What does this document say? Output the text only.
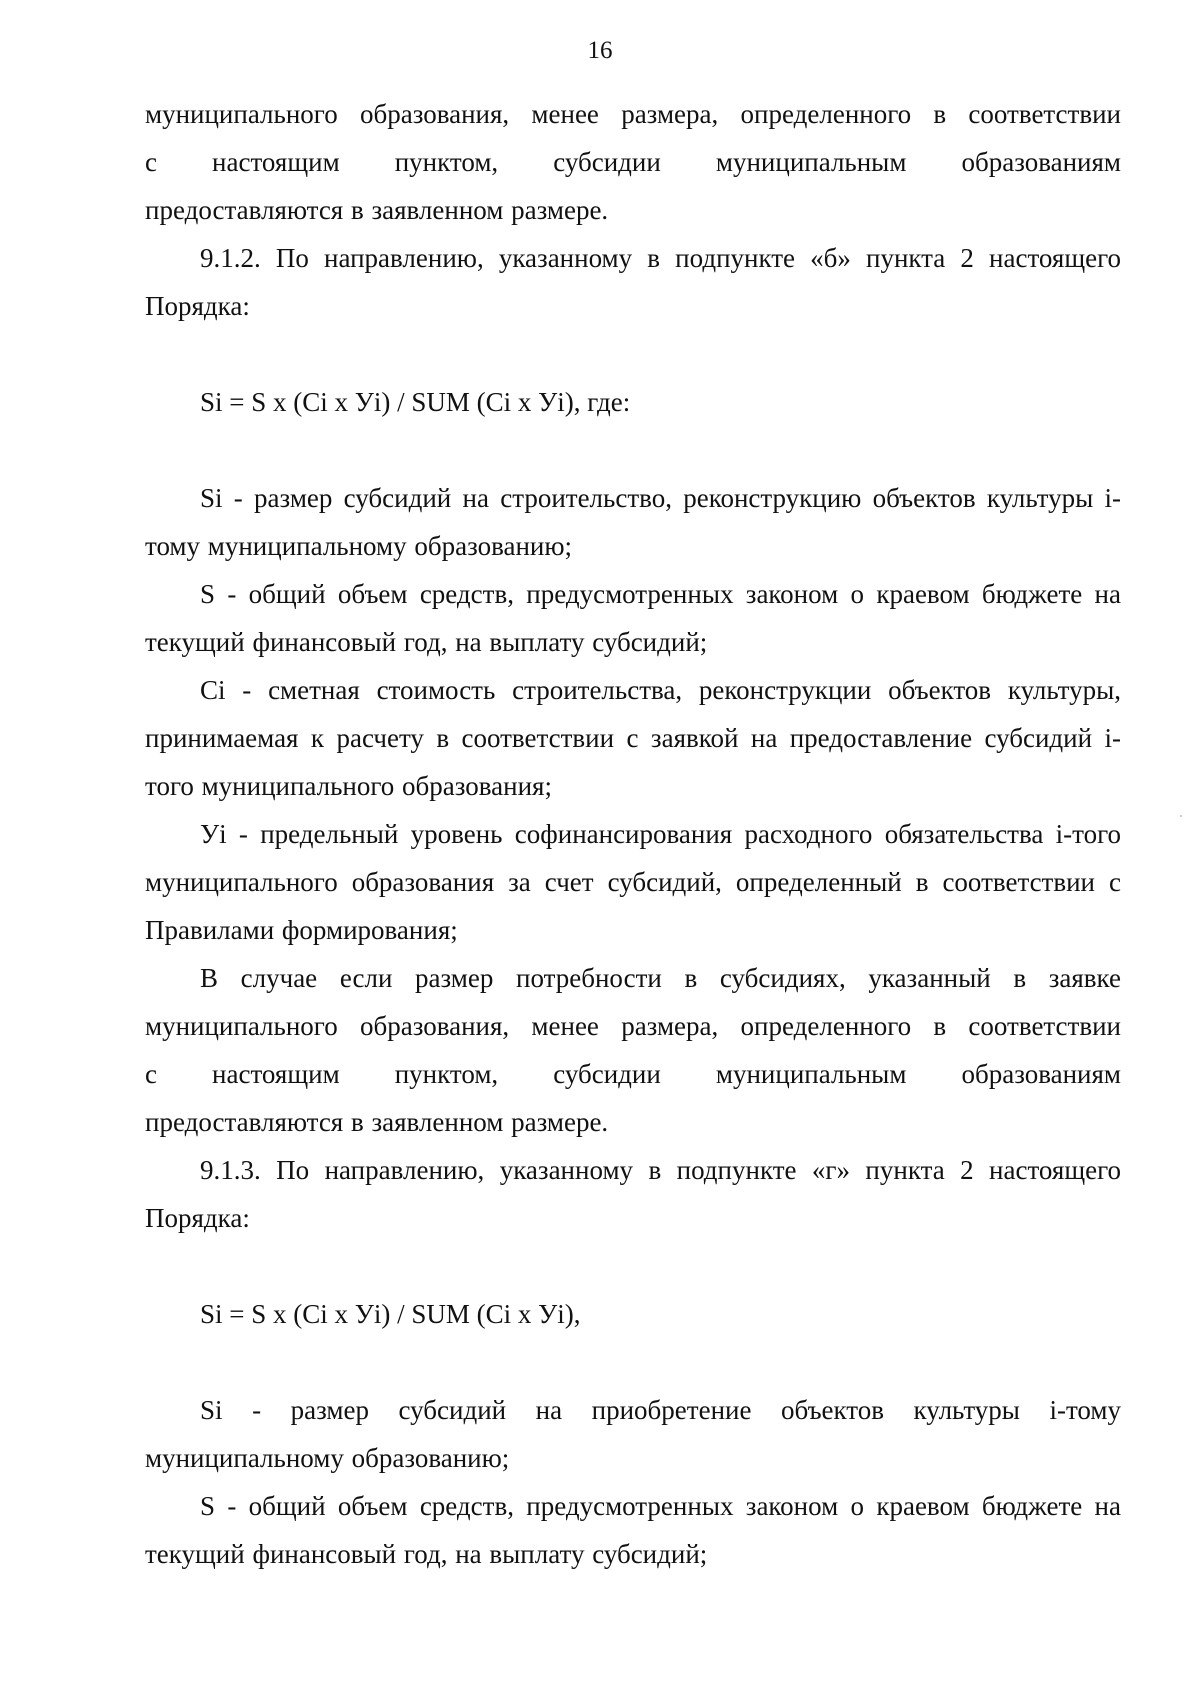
16

муниципального образования, менее размера, определенного в соответствии

с настоящим пунктом, субсидии муниципальным образованиям

предоставляются в заявленном размере.

9.1.2. По направлению, указанному в подпункте «б» пункта 2 настоящего

Порядка:

Si = S x (Ci x Уi) / SUM (Ci x Уi), где:

Si - размер субсидий на строительство, реконструкцию объектов культуры i-тому муниципальному образованию;

S - общий объем средств, предусмотренных законом о краевом бюджете на текущий финансовый год, на выплату субсидий;

Ci - сметная стоимость строительства, реконструкции объектов культуры, принимаемая к расчету в соответствии с заявкой на предоставление субсидий i-того муниципального образования;

Уi - предельный уровень софинансирования расходного обязательства i-того муниципального образования за счет субсидий, определенный в соответствии с Правилами формирования;

В случае если размер потребности в субсидиях, указанный в заявке

муниципального образования, менее размера, определенного в соответствии

с настоящим пунктом, субсидии муниципальным образованиям

предоставляются в заявленном размере.

9.1.3. По направлению, указанному в подпункте «г» пункта 2 настоящего

Порядка:

Si = S x (Ci x Уi) / SUM (Ci x Уi),

Si - размер субсидий на приобретение объектов культуры i-тому муниципальному образованию;

S - общий объем средств, предусмотренных законом о краевом бюджете на текущий финансовый год, на выплату субсидий;
